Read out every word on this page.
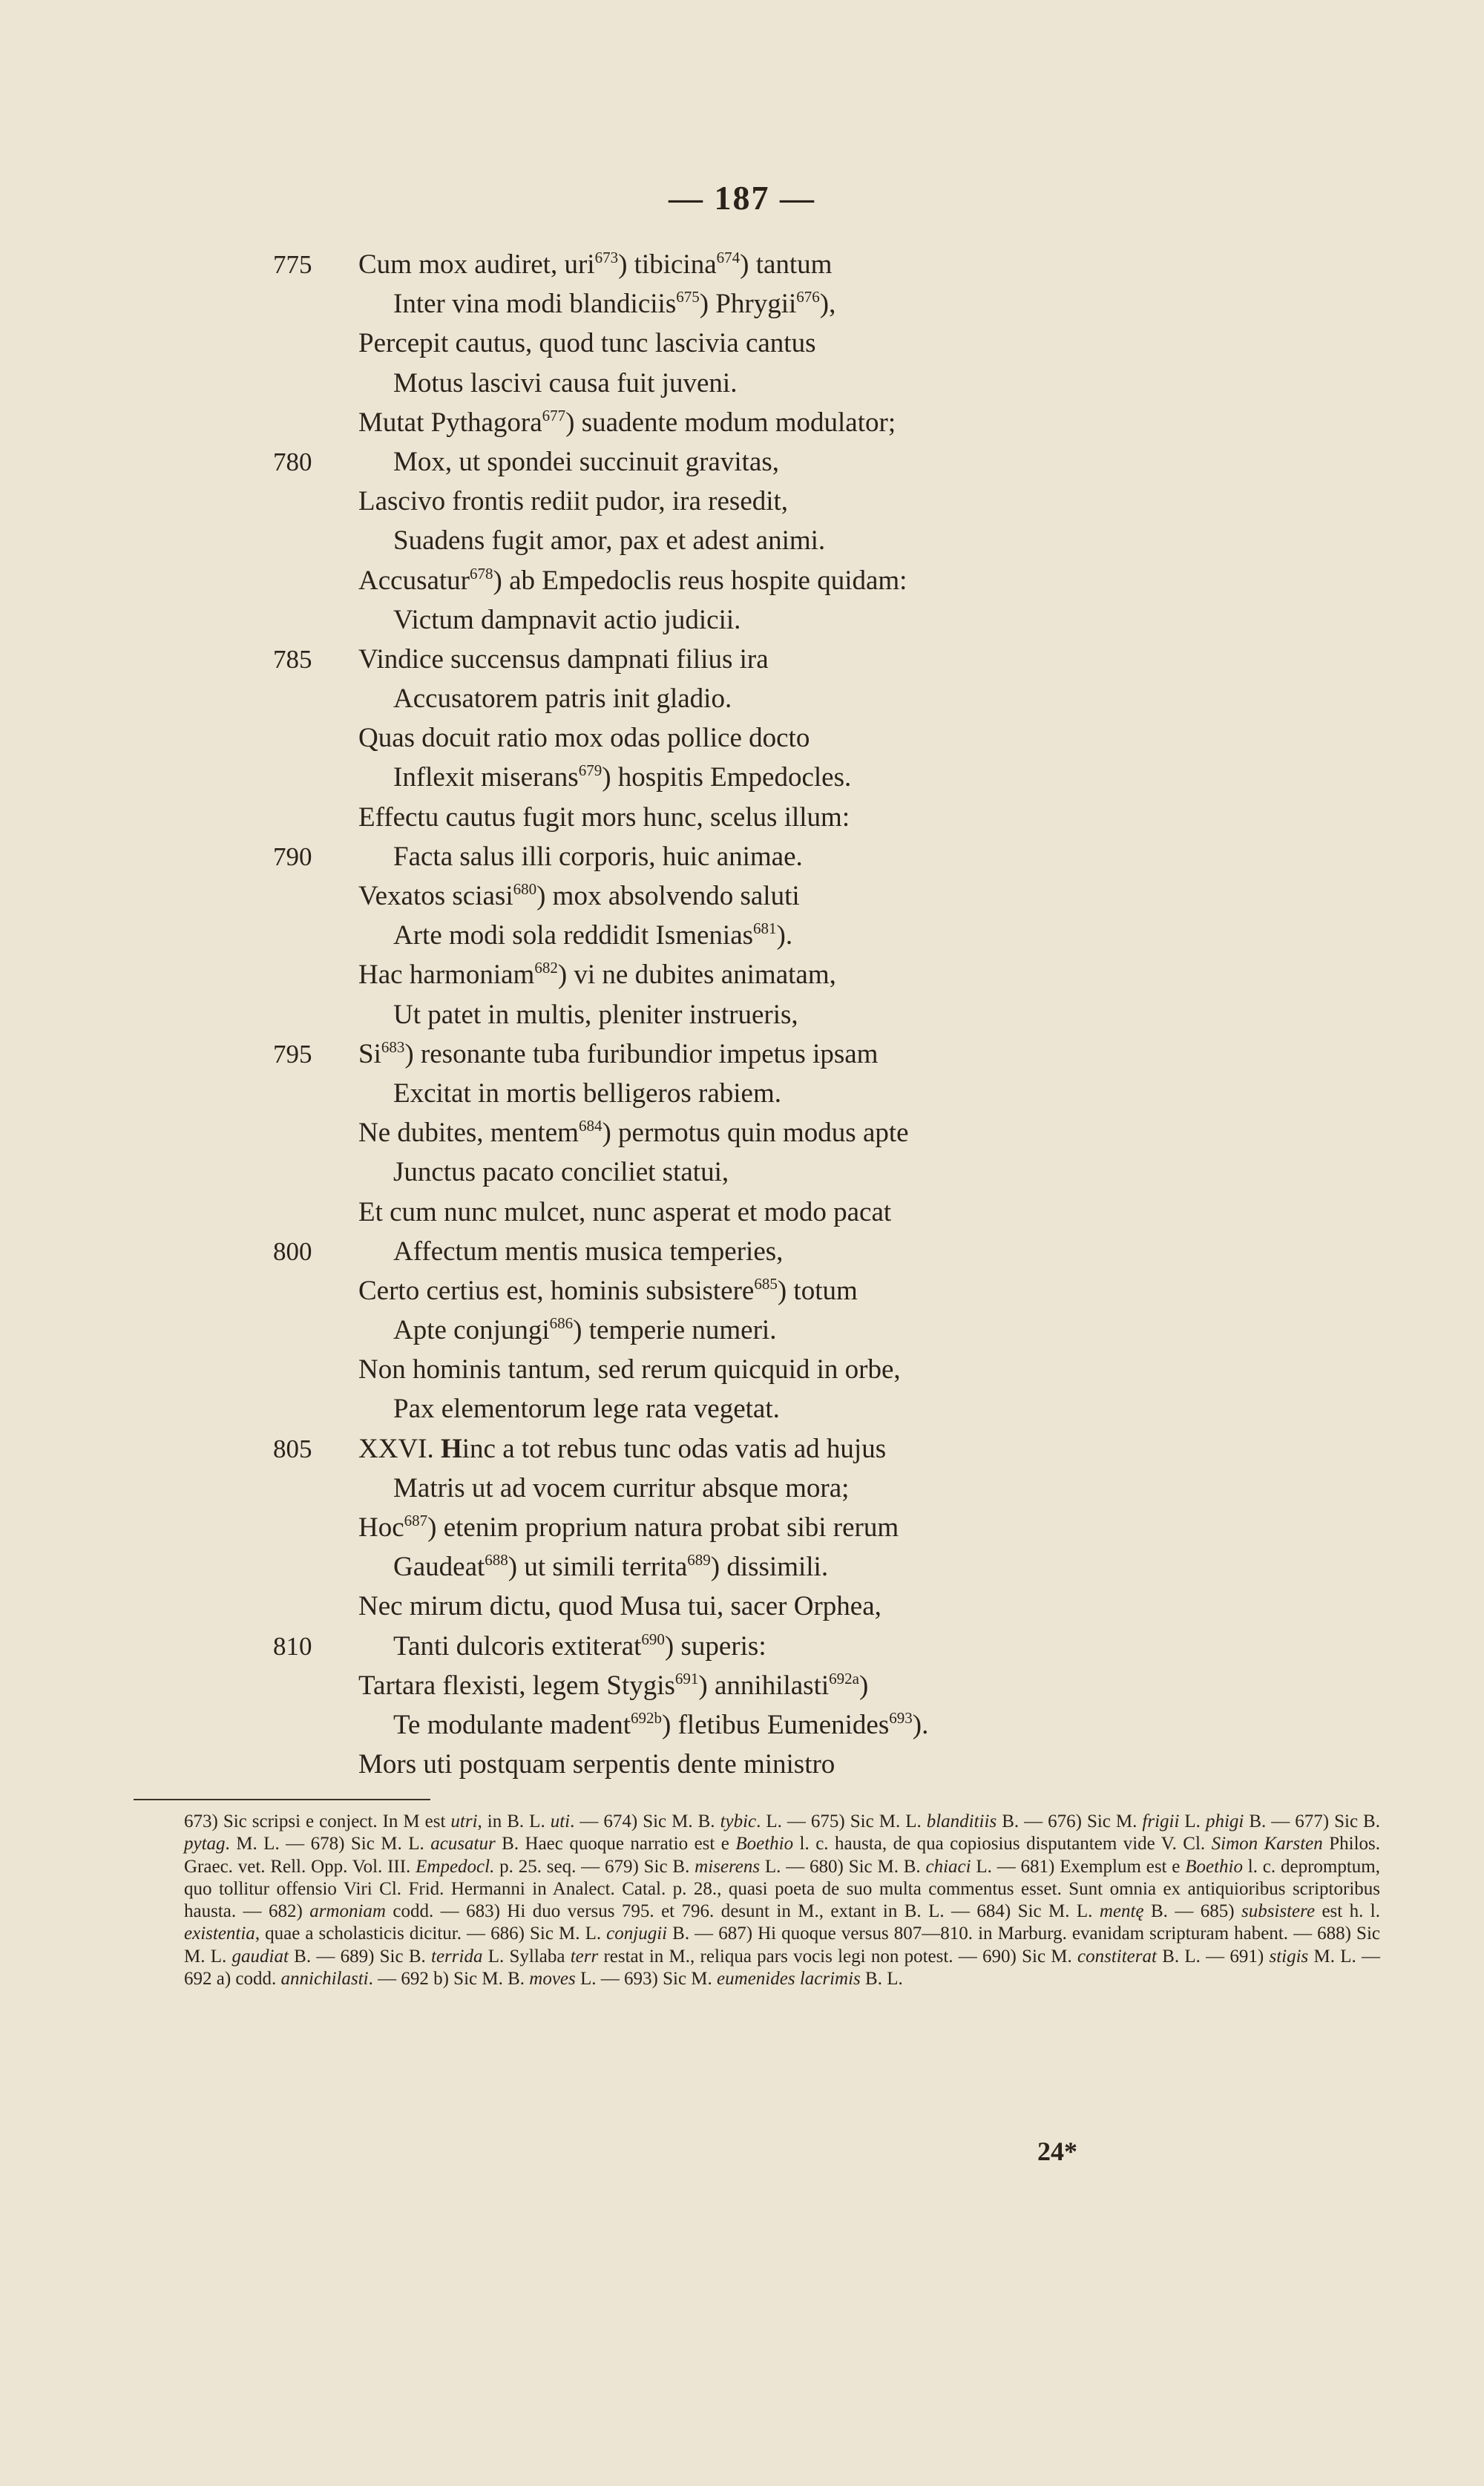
— 187 —
775 Cum mox audiret, uri$^{673}$) tibicina$^{674}$) tantum
Inter vina modi blandiciis$^{675}$) Phrygii$^{676}$),
Percepit cautus, quod tunc lascivia cantus
Motus lascivi causa fuit juveni.
Mutat Pythagora$^{677}$) suadente modum modulator;
780	Mox, ut spondei succinuit gravitas,
Lascivo frontis rediit pudor, ira resedit,
Suadens fugit amor, pax et adest animi.
Accusatur$^{678}$) ab Empedoclis reus hospite quidam:
Victum dampnavit actio judicii.
785 Vindice succensus dampnati filius ira
Accusatorem patris init gladio.
Quas docuit ratio mox odas pollice docto
Inflexit miserans$^{679}$) hospitis Empedocles.
Effectu cautus fugit mors hunc, scelus illum:
790	Facta salus illi corporis, huic animae.
Vexatos sciasi$^{680}$) mox absolvendo saluti
Arte modi sola reddidit Ismenias$^{681}$).
Hac harmoniam$^{682}$) vi ne dubites animatam,
Ut patet in multis, pleniter instrueris,
795 Si$^{683}$) resonante tuba furibundior impetus ipsam
Excitat in mortis belligeros rabiem.
Ne dubites, mentem$^{684}$) permotus quin modus apte
Junctus pacato conciliet statui,
Et cum nunc mulcet, nunc asperat et modo pacat
800	Affectum mentis musica temperies,
Certo certius est, hominis subsistere$^{685}$) totum
Apte conjungi$^{686}$) temperie numeri.
Non hominis tantum, sed rerum quicquid in orbe,
Pax elementorum lege rata vegetat.
805 XXVI. Hinc a tot rebus tunc odas vatis ad hujus
Matris ut ad vocem curritur absque mora;
Hoc$^{687}$) etenim proprium natura probat sibi rerum
Gaudeat$^{688}$) ut simili territa$^{689}$) dissimili.
Nec mirum dictu, quod Musa tui, sacer Orphea,
810	Tanti dulcoris extiterat$^{690}$) superis:
Tartara flexisti, legem Stygis$^{691}$) annihilasti$^{692a}$)
Te modulante madent$^{692b}$) fletibus Eumenides$^{693}$).
Mors uti postquam serpentis dente ministro
673) Sic scripsi e conject. In M est utri, in B. L. uti. — 674) Sic M. B. tybic. L. — 675) Sic M. L. blanditiis B. — 676) Sic M. frigii L. phigi B. — 677) Sic B. pytag. M. L. — 678) Sic M. L. acusatur B. Haec quoque narratio est e Boethio l. c. hausta, de qua copiosius disputantem vide V. Cl. Simon Karsten Philos. Graec. vet. Rell. Opp. Vol. III. Empedocl. p. 25. seq. — 679) Sic B. miserens L. — 680) Sic M. B. chiaci L. — 681) Exemplum est e Boethio l. c. depromptum, quo tollitur offensio Viri Cl. Frid. Hermanni in Analect. Catal. p. 28., quasi poeta de suo multa commentus esset. Sunt omnia ex antiquioribus scriptoribus hausta. — 682) armoniam codd. — 683) Hi duo versus 795. et 796. desunt in M., extant in B. L. — 684) Sic M. L. mentę B. — 685) subsistere est h. l. existentia, quae a scholasticis dicitur. — 686) Sic M. L. conjugii B. — 687) Hi quoque versus 807—810. in Marburg. evanidam scripturam habent. — 688) Sic M. L. gaudiat B. — 689) Sic B. terrida L. Syllaba terr restat in M., reliqua pars vocis legi non potest. — 690) Sic M. constiterat B. L. — 691) stigis M. L. — 692 a) codd. annichilasti. — 692 b) Sic M. B. moves L. — 693) Sic M. eumenides lacrimis B. L.
24*
